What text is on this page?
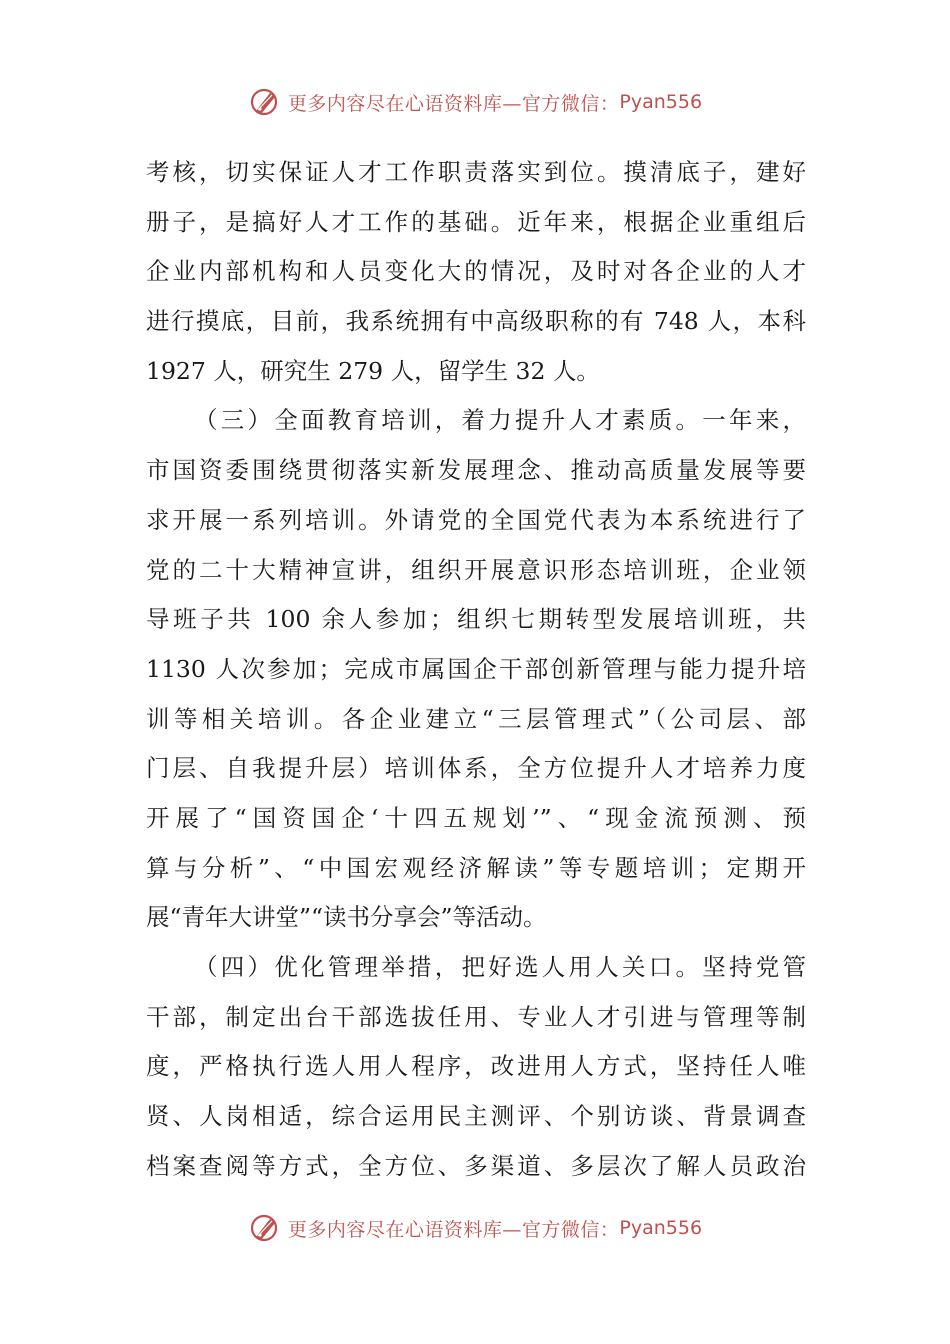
更多内容尽在心语资料库—官方微信： Pyan556
考核，切实保证人才工作职责落实到位。摸清底子，建好
册子，是搞好人才工作的基础。近年来，根据企业重组后
企业内部机构和人员变化大的情况，及时对各企业的人才
进行摸底，目前，我系统拥有中高级职称的有 748 人，本科
1927 人，研究生 279 人，留学生 32 人。
（三）全面教育培训，着力提升人才素质。一年来，
市国资委围绕贯彻落实新发展理念、推动高质量发展等要
求开展一系列培训。外请党的全国党代表为本系统进行了
党的二十大精神宣讲，组织开展意识形态培训班，企业领
导班子共 100 余人参加；组织七期转型发展培训班，共
1130 人次参加；完成市属国企干部创新管理与能力提升培
训等相关培训。各企业建立“三层管理式”（公司层、部
门层、自我提升层）培训体系，全方位提升人才培养力度
开展了“国资国企‘十四五规划’”、“现金流预测、预
算与分析”、“中国宏观经济解读”等专题培训；定期开
展“青年大讲堂”“读书分享会”等活动。
（四）优化管理举措，把好选人用人关口。坚持党管
干部，制定出台干部选拔任用、专业人才引进与管理等制
度，严格执行选人用人程序，改进用人方式，坚持任人唯
贤、人岗相适，综合运用民主测评、个别访谈、背景调查
档案查阅等方式，全方位、多渠道、多层次了解人员政治
更多内容尽在心语资料库—官方微信： Pyan556
